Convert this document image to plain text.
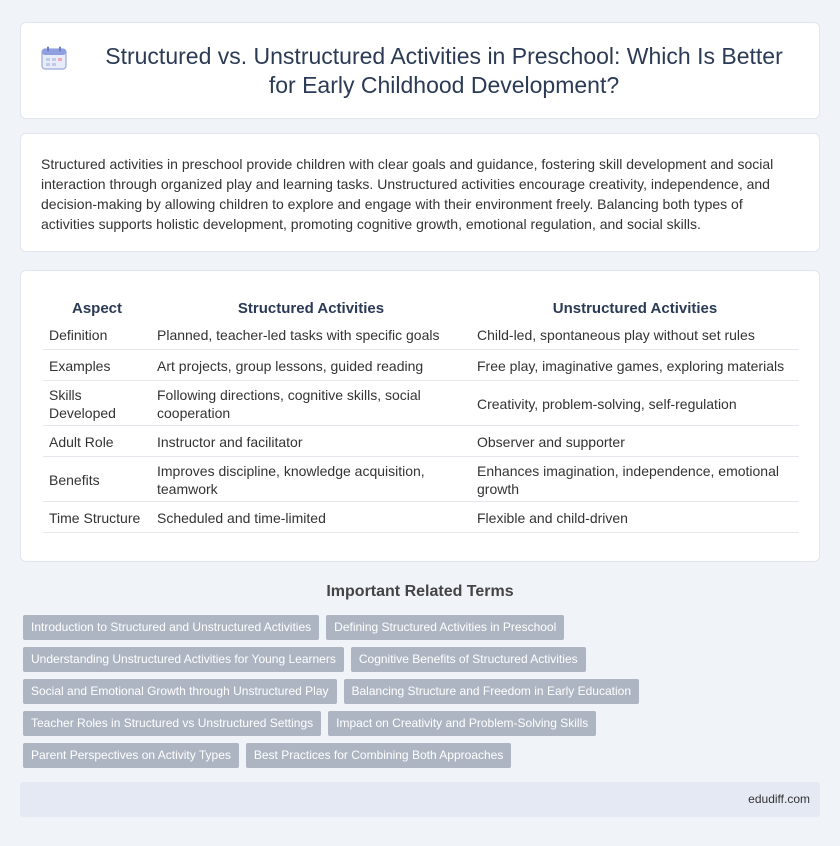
Structured vs. Unstructured Activities in Preschool: Which Is Better for Early Childhood Development?

Structured activities in preschool provide children with clear goals and guidance, fostering skill development and social interaction through organized play and learning tasks. Unstructured activities encourage creativity, independence, and decision-making by allowing children to explore and engage with their environment freely. Balancing both types of activities supports holistic development, promoting cognitive growth, emotional regulation, and social skills.

Aspect	Structured Activities	Unstructured Activities
Definition	Planned, teacher-led tasks with specific goals	Child-led, spontaneous play without set rules
Examples	Art projects, group lessons, guided reading	Free play, imaginative games, exploring materials
Skills Developed	Following directions, cognitive skills, social cooperation	Creativity, problem-solving, self-regulation
Adult Role	Instructor and facilitator	Observer and supporter
Benefits	Improves discipline, knowledge acquisition, teamwork	Enhances imagination, independence, emotional growth
Time Structure	Scheduled and time-limited	Flexible and child-driven
Important Related Terms
Introduction to Structured and Unstructured Activities	Defining Structured Activities in Preschool
Understanding Unstructured Activities for Young Learners	Cognitive Benefits of Structured Activities
Social and Emotional Growth through Unstructured Play	Balancing Structure and Freedom in Early Education
Teacher Roles in Structured vs Unstructured Settings	Impact on Creativity and Problem-Solving Skills
Parent Perspectives on Activity Types	Best Practices for Combining Both Approaches
edudiff.com
